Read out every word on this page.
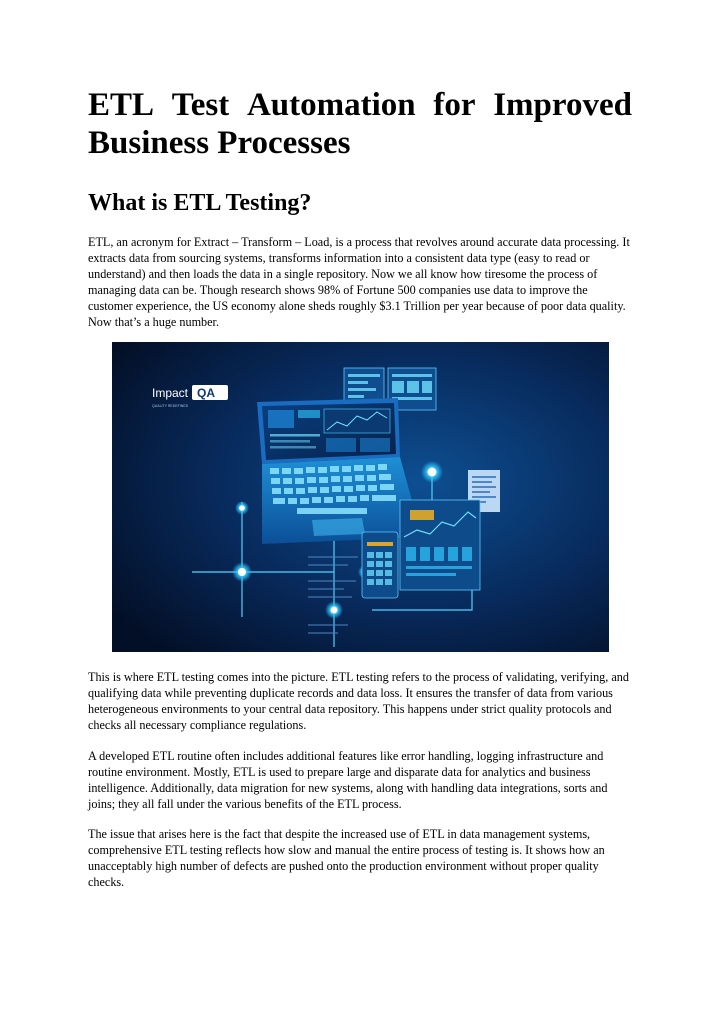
ETL Test Automation for Improved
Business Processes
What is ETL Testing?

ETL, an acronym for Extract – Transform – Load, is a process that revolves around accurate data processing. It extracts data from sourcing systems, transforms information into a consistent data type (easy to read or understand) and then loads the data in a single repository. Now we all know how tiresome the process of managing data can be. Though research shows 98% of Fortune 500 companies use data to improve the customer experience, the US economy alone sheds roughly $3.1 Trillion per year because of poor data quality. Now that’s a huge number.

This is where ETL testing comes into the picture. ETL testing refers to the process of validating, verifying, and qualifying data while preventing duplicate records and data loss. It ensures the transfer of data from various heterogeneous environments to your central data repository. This happens under strict quality protocols and checks all necessary compliance regulations.

A developed ETL routine often includes additional features like error handling, logging infrastructure and routine environment. Mostly, ETL is used to prepare large and disparate data for analytics and business intelligence. Additionally, data migration for new systems, along with handling data integrations, sorts and joins; they all fall under the various benefits of the ETL process.

The issue that arises here is the fact that despite the increased use of ETL in data management systems, comprehensive ETL testing reflects how slow and manual the entire process of testing is. It shows how an unacceptably high number of defects are pushed onto the production environment without proper quality checks.

Impact QA
QUALITY REDEFINED
